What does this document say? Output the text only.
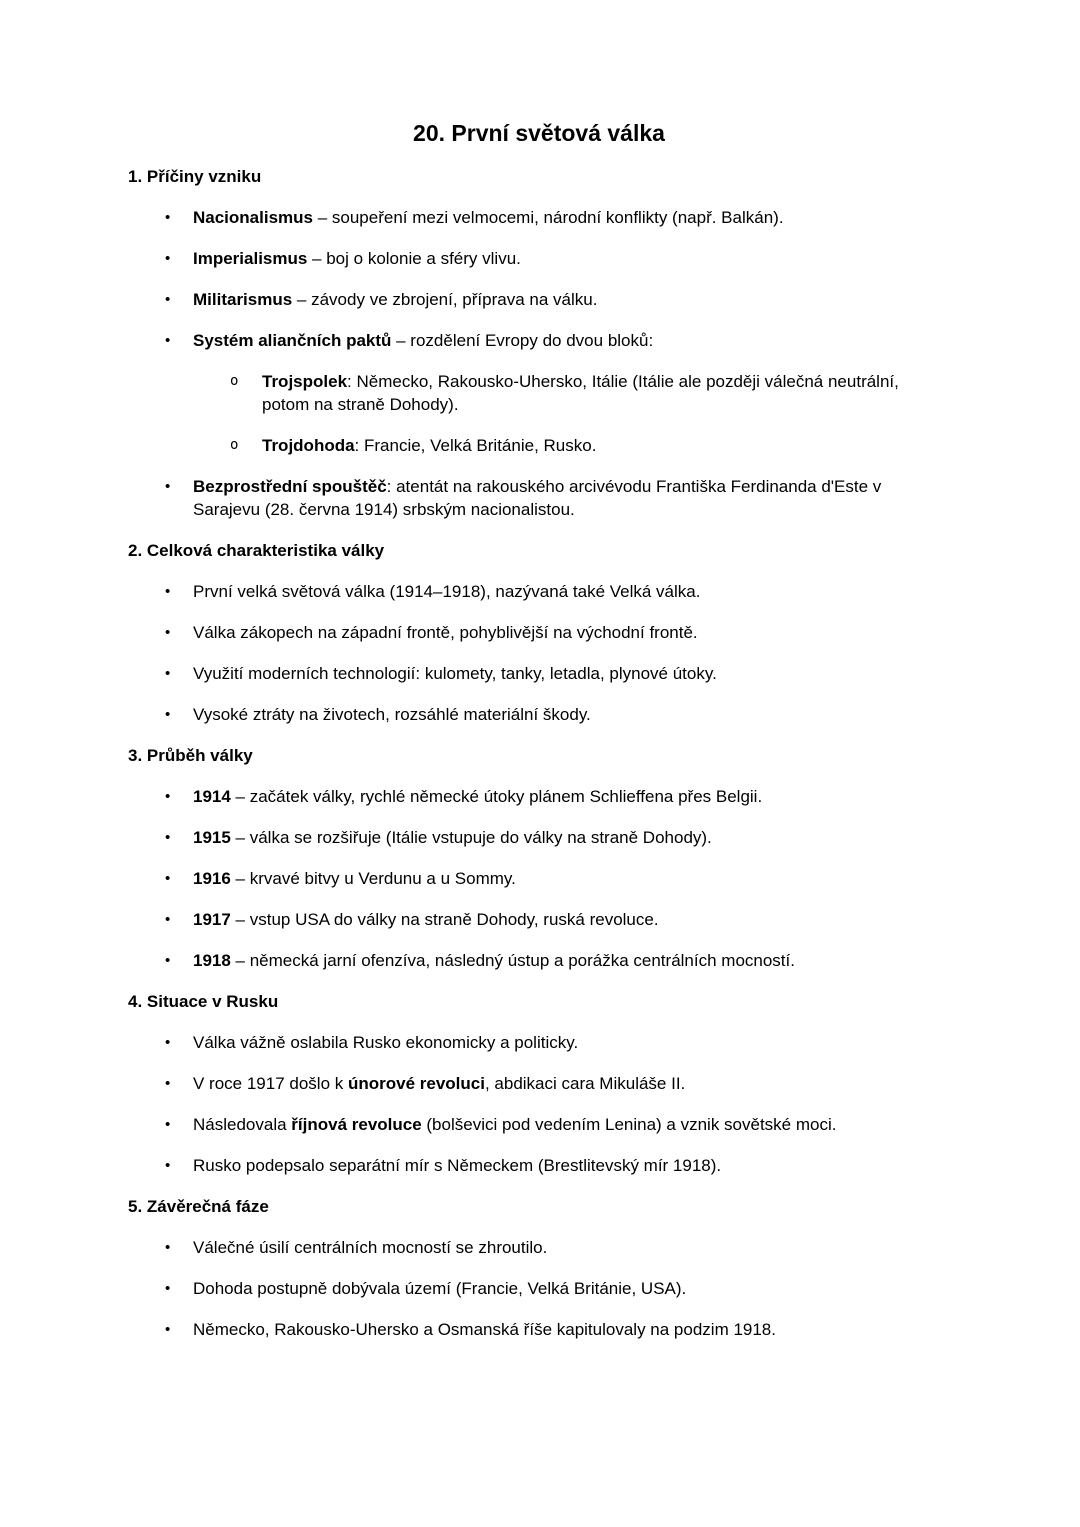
20. První světová válka
1. Příčiny vzniku
•	Nacionalismus – soupeření mezi velmocemi, národní konflikty (např. Balkán).
•	Imperialismus – boj o kolonie a sféry vlivu.
•	Militarismus – závody ve zbrojení, příprava na válku.
•	Systém aliančních paktů – rozdělení Evropy do dvou bloků:
o	Trojspolek: Německo, Rakousko-Uhersko, Itálie (Itálie ale později válečná neutrální, potom na straně Dohody).
o	Trojdohoda: Francie, Velká Británie, Rusko.
•	Bezprostřední spouštěč: atentát na rakouského arcivévodu Františka Ferdinanda d'Este v Sarajevu (28. června 1914) srbským nacionalistou.
2. Celková charakteristika války
•	První velká světová válka (1914–1918), nazývaná také Velká válka.
•	Válka zákopech na západní frontě, pohyblivější na východní frontě.
•	Využití moderních technologií: kulomety, tanky, letadla, plynové útoky.
•	Vysoké ztráty na životech, rozsáhlé materiální škody.
3. Průběh války
•	1914 – začátek války, rychlé německé útoky plánem Schlieffena přes Belgii.
•	1915 – válka se rozšiřuje (Itálie vstupuje do války na straně Dohody).
•	1916 – krvavé bitvy u Verdunu a u Sommy.
•	1917 – vstup USA do války na straně Dohody, ruská revoluce.
•	1918 – německá jarní ofenzíva, následný ústup a porážka centrálních mocností.
4. Situace v Rusku
•	Válka vážně oslabila Rusko ekonomicky a politicky.
•	V roce 1917 došlo k únorové revoluci, abdikaci cara Mikuláše II.
•	Následovala říjnová revoluce (bolševici pod vedením Lenina) a vznik sovětské moci.
•	Rusko podepsalo separátní mír s Německem (Brestlitevský mír 1918).
5. Závěrečná fáze
•	Válečné úsilí centrálních mocností se zhroutilo.
•	Dohoda postupně dobývala území (Francie, Velká Británie, USA).
•	Německo, Rakousko-Uhersko a Osmanská říše kapitulovaly na podzim 1918.
